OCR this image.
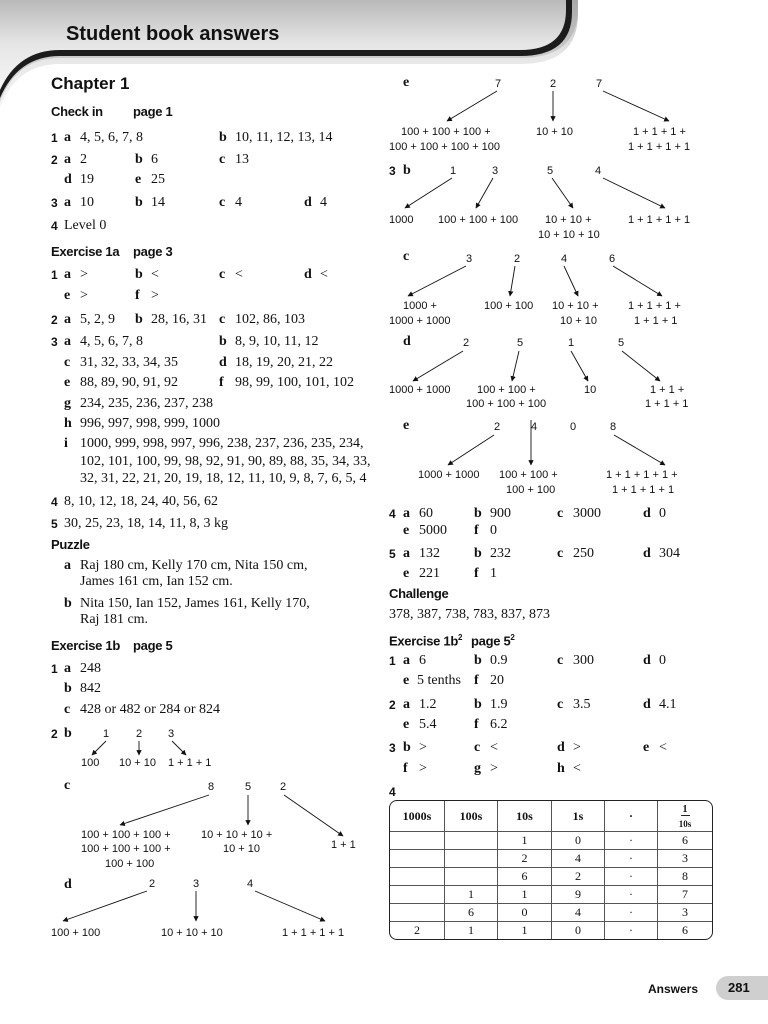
Student book answers
Chapter 1
Check in page 1
1 a 4, 5, 6, 7, 8	b 10, 11, 12, 13, 14
2 a 2	b 6	c 13
d 19	e 25
3 a 10	b 14	c 4	d 4
4 Level 0
Exercise 1a page 3
1 a >	b <	c <	d <
e >	f >
2 a 5, 2, 9 b 28, 16, 31 c 102, 86, 103
3 a 4, 5, 6, 7, 8	b 8, 9, 10, 11, 12
c 31, 32, 33, 34, 35	d 18, 19, 20, 21, 22
e 88, 89, 90, 91, 92	f 98, 99, 100, 101, 102
g 234, 235, 236, 237, 238
h 996, 997, 998, 999, 1000
i 1000, 999, 998, 997, 996, 238, 237, 236, 235, 234,
102, 101, 100, 99, 98, 92, 91, 90, 89, 88, 35, 34, 33,
32, 31, 22, 21, 20, 19, 18, 12, 11, 10, 9, 8, 7, 6, 5, 4
4 8, 10, 12, 18, 24, 40, 56, 62
5 30, 25, 23, 18, 14, 11, 8, 3 kg
Puzzle
a Raj 180 cm, Kelly 170 cm, Nita 150 cm,
James 161 cm, Ian 152 cm.
b Nita 150, Ian 152, James 161, Kelly 170,
Raj 181 cm.
Exercise 1b page 5
1 a 248
b 842
c 428 or 482 or 284 or 824
2 b	1 2 3
100 10 + 10 1 + 1 + 1
c	8	5	2
100 + 100 + 100 +
100 + 100 + 100 +
100 + 100
10 + 10 + 10 +
10 + 10	1 + 1
d	2	3	4
100 + 100	10 + 10 + 10	1 + 1 + 1 + 1
e	7	2	7
100 + 100 + 100 +
100 + 100 + 100 + 100
10 + 10	1 + 1 + 1 +
1 + 1 + 1 + 1
3 b	1	3	5	4
1000 100 + 100 + 100 10 + 10 +
10 + 10 + 10
1 + 1 + 1 + 1
c	3	2	4	6
1000 +
1000 + 1000
100 + 100 10 + 10 +
10 + 10
1 + 1 + 1 +
1 + 1 + 1
d	2	5	1	5
1000 + 1000 100 + 100 +
100 + 100 + 100
10	1 + 1 +
1 + 1 + 1
e	2	4	0	8
1000 + 1000 100 + 100 +
100 + 100
1 + 1 + 1 + 1 +
1 + 1 + 1 + 1
4 a 60	b 900	c 3000	d 0
e 5000 f 0
5 a 132 b 232	c 250	d 304
e 221 f 1
Challenge
378, 387, 738, 783, 837, 873
Exercise $1b^2$ page $5^2$
1 a 6	b 0.9	c 300	d 0
e 5 tenths f 20
2 a 1.2	b 1.9	c 3.5	d 4.1
e 5.4	f 6.2
3 b >	c <	d >	e <
f >	g >	h <
4
1000s	100s	10s	1s	·	1
10s
		1	0	·	6
		2	4	·	3
		6	2	·	8
	1	1	9	·	7
	6	0	4	·	3
2	1	1	0	·	6
Answers	281
